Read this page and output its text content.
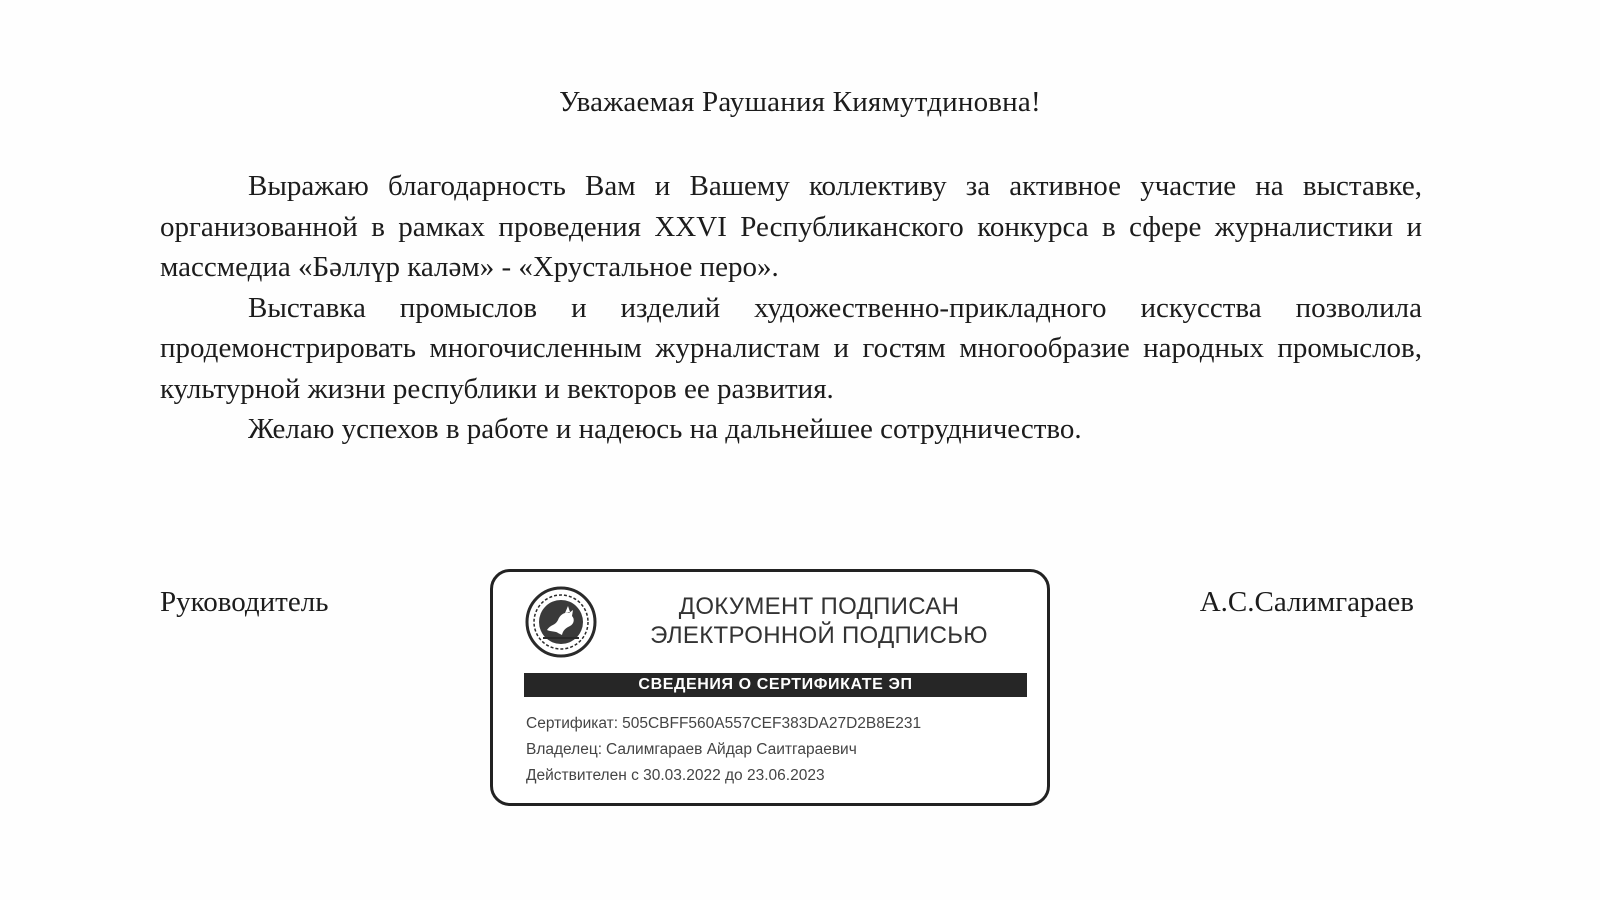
Уважаемая Раушания Киямутдиновна!

Выражаю благодарность Вам и Вашему коллективу за активное участие на выставке, организованной в рамках проведения XXVI Республиканского конкурса в сфере журналистики и массмедиа «Бәллүр каләм» - «Хрустальное перо».

Выставка промыслов и изделий художественно-прикладного искусства позволила продемонстрировать многочисленным журналистам и гостям многообразие народных промыслов, культурной жизни республики и векторов ее развития.

Желаю успехов в работе и надеюсь на дальнейшее сотрудничество.

Руководитель	А.С.Салимгараев
ДОКУМЕНТ ПОДПИСАН
ЭЛЕКТРОННОЙ ПОДПИСЬЮ
СВЕДЕНИЯ О СЕРТИФИКАТЕ ЭП
Сертификат: 505CBFF560A557CEF383DA27D2B8E231
Владелец: Салимгараев Айдар Саитгараевич
Действителен с 30.03.2022 до 23.06.2023
